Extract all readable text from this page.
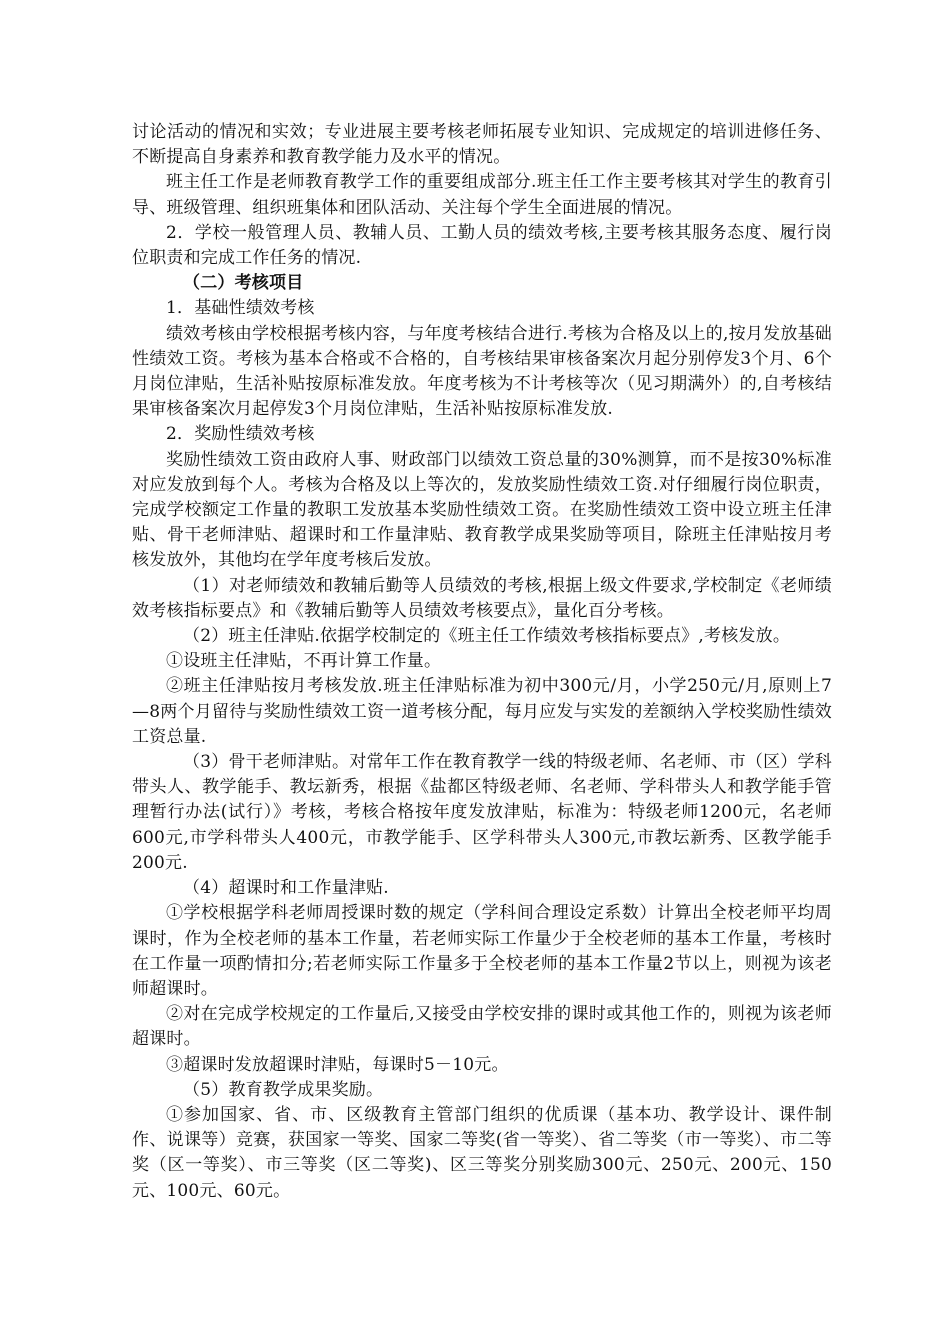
讨论活动的情况和实效；专业进展主要考核老师拓展专业知识、完成规定的培训进修任务、不断提高自身素养和教育教学能力及水平的情况。

班主任工作是老师教育教学工作的重要组成部分.班主任工作主要考核其对学生的教育引导、班级管理、组织班集体和团队活动、关注每个学生全面进展的情况。

2．学校一般管理人员、教辅人员、工勤人员的绩效考核,主要考核其服务态度、履行岗位职责和完成工作任务的情况.

（二）考核项目

1．基础性绩效考核

绩效考核由学校根据考核内容，与年度考核结合进行.考核为合格及以上的,按月发放基础性绩效工资。考核为基本合格或不合格的，自考核结果审核备案次月起分别停发3个月、6个月岗位津贴，生活补贴按原标准发放。年度考核为不计考核等次（见习期满外）的,自考核结果审核备案次月起停发3个月岗位津贴，生活补贴按原标准发放.

2．奖励性绩效考核

奖励性绩效工资由政府人事、财政部门以绩效工资总量的30%测算，而不是按30%标准对应发放到每个人。考核为合格及以上等次的，发放奖励性绩效工资.对仔细履行岗位职责，完成学校额定工作量的教职工发放基本奖励性绩效工资。在奖励性绩效工资中设立班主任津贴、骨干老师津贴、超课时和工作量津贴、教育教学成果奖励等项目，除班主任津贴按月考核发放外，其他均在学年度考核后发放。

（1）对老师绩效和教辅后勤等人员绩效的考核,根据上级文件要求,学校制定《老师绩效考核指标要点》和《教辅后勤等人员绩效考核要点》，量化百分考核。

（2）班主任津贴.依据学校制定的《班主任工作绩效考核指标要点》,考核发放。

①设班主任津贴，不再计算工作量。

②班主任津贴按月考核发放.班主任津贴标准为初中300元/月，小学250元/月,原则上7—8两个月留待与奖励性绩效工资一道考核分配，每月应发与实发的差额纳入学校奖励性绩效工资总量.

（3）骨干老师津贴。对常年工作在教育教学一线的特级老师、名老师、市（区）学科带头人、教学能手、教坛新秀，根据《盐都区特级老师、名老师、学科带头人和教学能手管理暂行办法(试行）》考核，考核合格按年度发放津贴，标准为：特级老师1200元，名老师600元,市学科带头人400元，市教学能手、区学科带头人300元,市教坛新秀、区教学能手200元.

（4）超课时和工作量津贴.

①学校根据学科老师周授课时数的规定（学科间合理设定系数）计算出全校老师平均周课时，作为全校老师的基本工作量，若老师实际工作量少于全校老师的基本工作量，考核时在工作量一项酌情扣分;若老师实际工作量多于全校老师的基本工作量2节以上，则视为该老师超课时。

②对在完成学校规定的工作量后,又接受由学校安排的课时或其他工作的，则视为该老师超课时。

③超课时发放超课时津贴，每课时5－10元。

（5）教育教学成果奖励。

①参加国家、省、市、区级教育主管部门组织的优质课（基本功、教学设计、课件制作、说课等）竞赛，获国家一等奖、国家二等奖(省一等奖）、省二等奖（市一等奖）、市二等奖（区一等奖）、市三等奖（区二等奖)、区三等奖分别奖励300元、250元、200元、150元、100元、60元。
